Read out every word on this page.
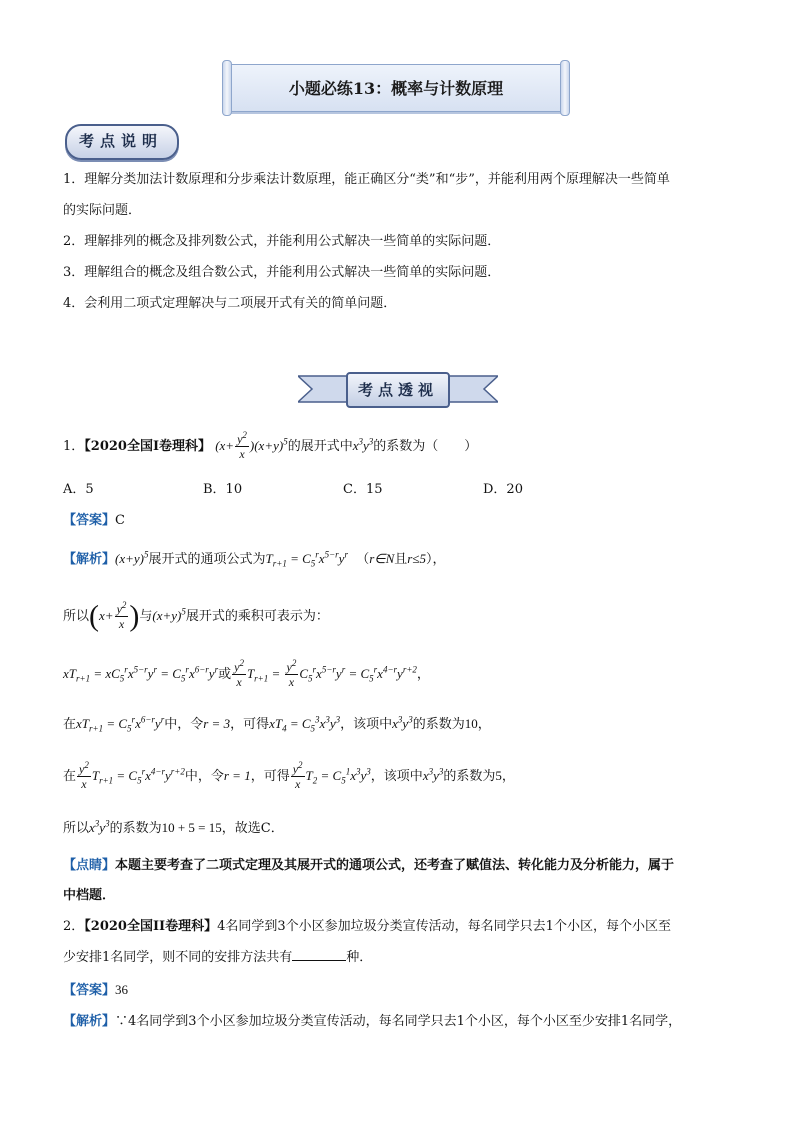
小题必练13：概率与计数原理
考点说明
1．理解分类加法计数原理和分步乘法计数原理，能正确区分“类”和“步”，并能利用两个原理解决一些简单
的实际问题．
2．理解排列的概念及排列数公式，并能利用公式解决一些简单的实际问题．
3．理解组合的概念及组合数公式，并能利用公式解决一些简单的实际问题．
4．会利用二项式定理解决与二项展开式有关的简单问题．
考点透视
1．【2020全国I卷理科】 $(x+ \frac{y^2}{x} )(x+y)^5$的展开式中$x^3y^3$的系数为（　　）
A．5	B．10	C．15	D．20
【答案】C
【解析】$(x+y)^5$展开式的通项公式为$T_{r+1} = C_5^rx^{5-r}y^r$  （r∈N且r≤5），
所以($x+ \frac{y^2}{x}$ )与$(x+y)^5$展开式的乘积可表示为：
$xT_{r+1} = xC_5^rx^{5-r}y^r = C_5^rx^{6-r}y^r$或 $\frac{y^2}{x} T_{r+1} = \frac{y^2}{x} C_5^rx^{5-r}y^r = C_5^rx^{4-r}y^{r+2}$，
在$xT_{r+1} = C_5^rx^{6-r}y^r$中，令r = 3，可得$xT_4 = C_5^3x^3y^3$，该项中$x^3y^3$的系数为10，
在 $\frac{y^2}{x} T_{r+1} = C_5^rx^{4-r}y^{r+2}$中，令r = 1，可得 $\frac{y^2}{x} T_2 = C_5^1x^3y^3$，该项中$x^3y^3$的系数为5，
所以$x^3y^3$的系数为10 + 5 = 15，故选C．
【点睛】本题主要考查了二项式定理及其展开式的通项公式，还考查了赋值法、转化能力及分析能力，属于
中档题．
2．【2020全国II卷理科】4名同学到3个小区参加垃圾分类宣传活动，每名同学只去1个小区，每个小区至
少安排1名同学，则不同的安排方法共有	种．
【答案】36
【解析】∵4名同学到3个小区参加垃圾分类宣传活动，每名同学只去1个小区，每个小区至少安排1名同学，
